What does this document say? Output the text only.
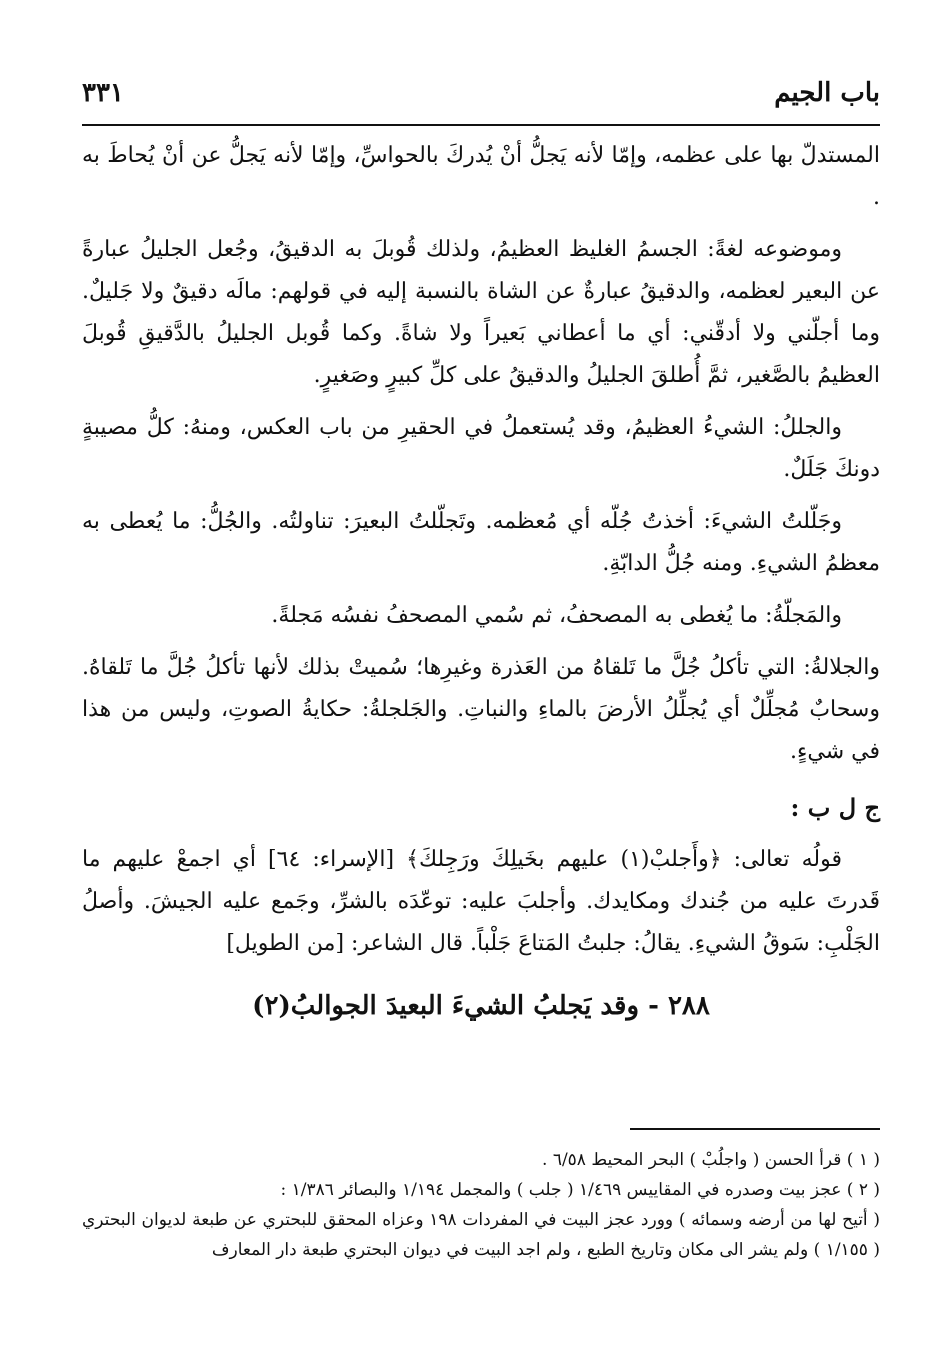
باب الجيم
٣٣١

المستدلّ بها على عظمه، وإمّا لأنه يَجلُّ أنْ يُدركَ بالحواسِّ، وإمّا لأنه يَجلُّ عن أنْ يُحاطَ به .

وموضوعه لغةً: الجسمُ الغليظ العظيمُ، ولذلك قُوبلَ به الدقيقُ، وجُعل الجليلُ عبارةً عن البعير لعظمه، والدقيقُ عبارةٌ عن الشاة بالنسبة إليه في قولهم: مالَه دقيقٌ ولا جَليلٌ. وما أجلّني ولا أدقّني: أي ما أعطاني بَعيراً ولا شاةً. وكما قُوبل الجليلُ بالدَّقيقِ قُوبلَ العظيمُ بالصَّغير، ثمَّ أُطلقَ الجليلُ والدقيقُ على كلِّ كبيرٍ وصَغيرٍ.

والجللُ: الشيءُ العظيمُ، وقد يُستعملُ في الحقيرِ من باب العكس، ومنهُ: كلُّ مصيبةٍ دونكَ جَلَلٌ.

وجَلّلتُ الشيءَ: أخذتُ جُلّه أي مُعظمه. وتَجلّلتُ البعيرَ: تناولتُه. والجُلُّ: ما يُعطى به معظمُ الشيءِ. ومنه جُلُّ الدابّةِ.

والمَجلّةُ: ما يُغطى به المصحفُ، ثم سُمي المصحفُ نفسُه مَجلةً.

والجلالةُ: التي تأكلُ جُلَّ ما تَلقاهُ من العَذرة وغيرِها؛ سُميتْ بذلك لأنها تأكلُ جُلَّ ما تَلقاهُ. وسحابٌ مُجلِّلٌ أي يُجلِّلُ الأرضَ بالماءِ والنباتِ. والجَلجلةُ: حكايةُ الصوتِ، وليس من هذا في شيءٍ.

ج ل ب :

قولُه تعالى: ﴿وأَجلبْ(١) عليهم بخَيلِكَ ورَجِلكَ﴾ [الإسراء: ٦٤] أي اجمعْ عليهم ما قَدرتَ عليه من جُندك ومكايدك. وأجلبَ عليه: توعّدَه بالشرِّ، وجَمع عليه الجيشَ. وأصلُ الجَلْبِ: سَوقُ الشيءِ. يقالُ: جلبتُ المَتاعَ جَلْباً. قال الشاعر: [من الطويل]

٢٨٨ - وقد يَجلبُ الشيءَ البعيدَ الجوالبُ(٢)

( ١ ) قرأ الحسن ( واجلُبْ ) البحر المحيط ٦/٥٨ .

( ٢ ) عجز بيت وصدره في المقاييس ١/٤٦٩ ( جلب ) والمجمل ١/١٩٤ والبصائر ١/٣٨٦ :

( أتيح لها من أرضه وسمائه ) وورد عجز البيت في المفردات ١٩٨ وعزاه المحقق للبحتري عن طبعة لديوان البحتري ( ١/١٥٥ ) ولم يشر الى مكان وتاريخ الطبع ، ولم اجد البيت في ديوان البحتري طبعة دار المعارف
